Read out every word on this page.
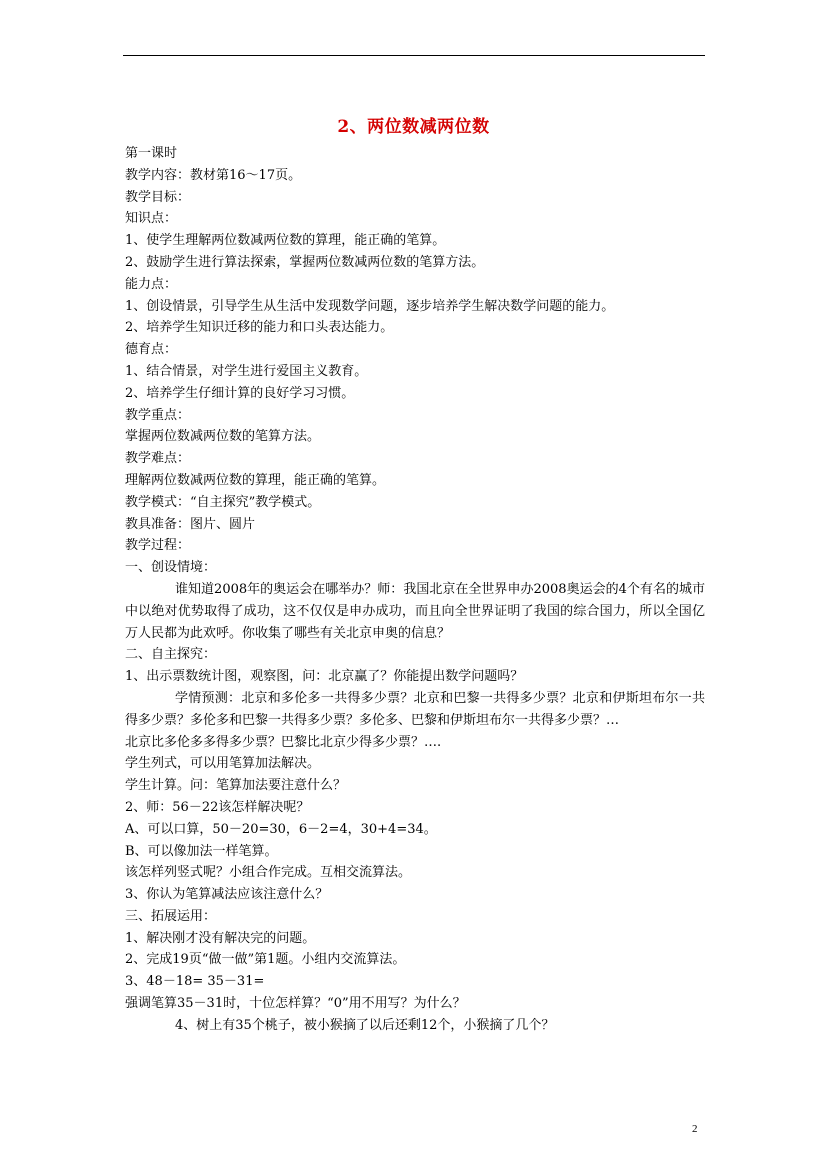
2、两位数减两位数
第一课时
教学内容：教材第16～17页。
教学目标：
知识点：
1、使学生理解两位数减两位数的算理，能正确的笔算。
2、鼓励学生进行算法探索，掌握两位数减两位数的笔算方法。
能力点：
1、创设情景，引导学生从生活中发现数学问题，逐步培养学生解决数学问题的能力。
2、培养学生知识迁移的能力和口头表达能力。
德育点：
1、结合情景，对学生进行爱国主义教育。
2、培养学生仔细计算的良好学习习惯。
教学重点：
掌握两位数减两位数的笔算方法。
教学难点：
理解两位数减两位数的算理，能正确的笔算。
教学模式：“自主探究”教学模式。
教具准备：图片、圆片
教学过程：
一、创设情境：
谁知道2008年的奥运会在哪举办？师：我国北京在全世界申办2008奥运会的4个有名的城市中以绝对优势取得了成功，这不仅仅是申办成功，而且向全世界证明了我国的综合国力，所以全国亿万人民都为此欢呼。你收集了哪些有关北京申奥的信息？
二、自主探究：
1、出示票数统计图，观察图，问：北京赢了？你能提出数学问题吗？
学情预测：北京和多伦多一共得多少票？北京和巴黎一共得多少票？北京和伊斯坦布尔一共得多少票？多伦多和巴黎一共得多少票？多伦多、巴黎和伊斯坦布尔一共得多少票？…
北京比多伦多多得多少票？巴黎比北京少得多少票？….
学生列式，可以用笔算加法解决。
学生计算。问：笔算加法要注意什么？
2、师：56－22该怎样解决呢？
A、可以口算，50－20=30，6－2=4，30+4=34。
B、可以像加法一样笔算。
该怎样列竖式呢？小组合作完成。互相交流算法。
3、你认为笔算减法应该注意什么？
三、拓展运用：
1、解决刚才没有解决完的问题。
2、完成19页“做一做”第1题。小组内交流算法。
3、48－18= 35－31=
强调笔算35－31时，十位怎样算？“0”用不用写？为什么？
4、树上有35个桃子，被小猴摘了以后还剩12个，小猴摘了几个？
2
